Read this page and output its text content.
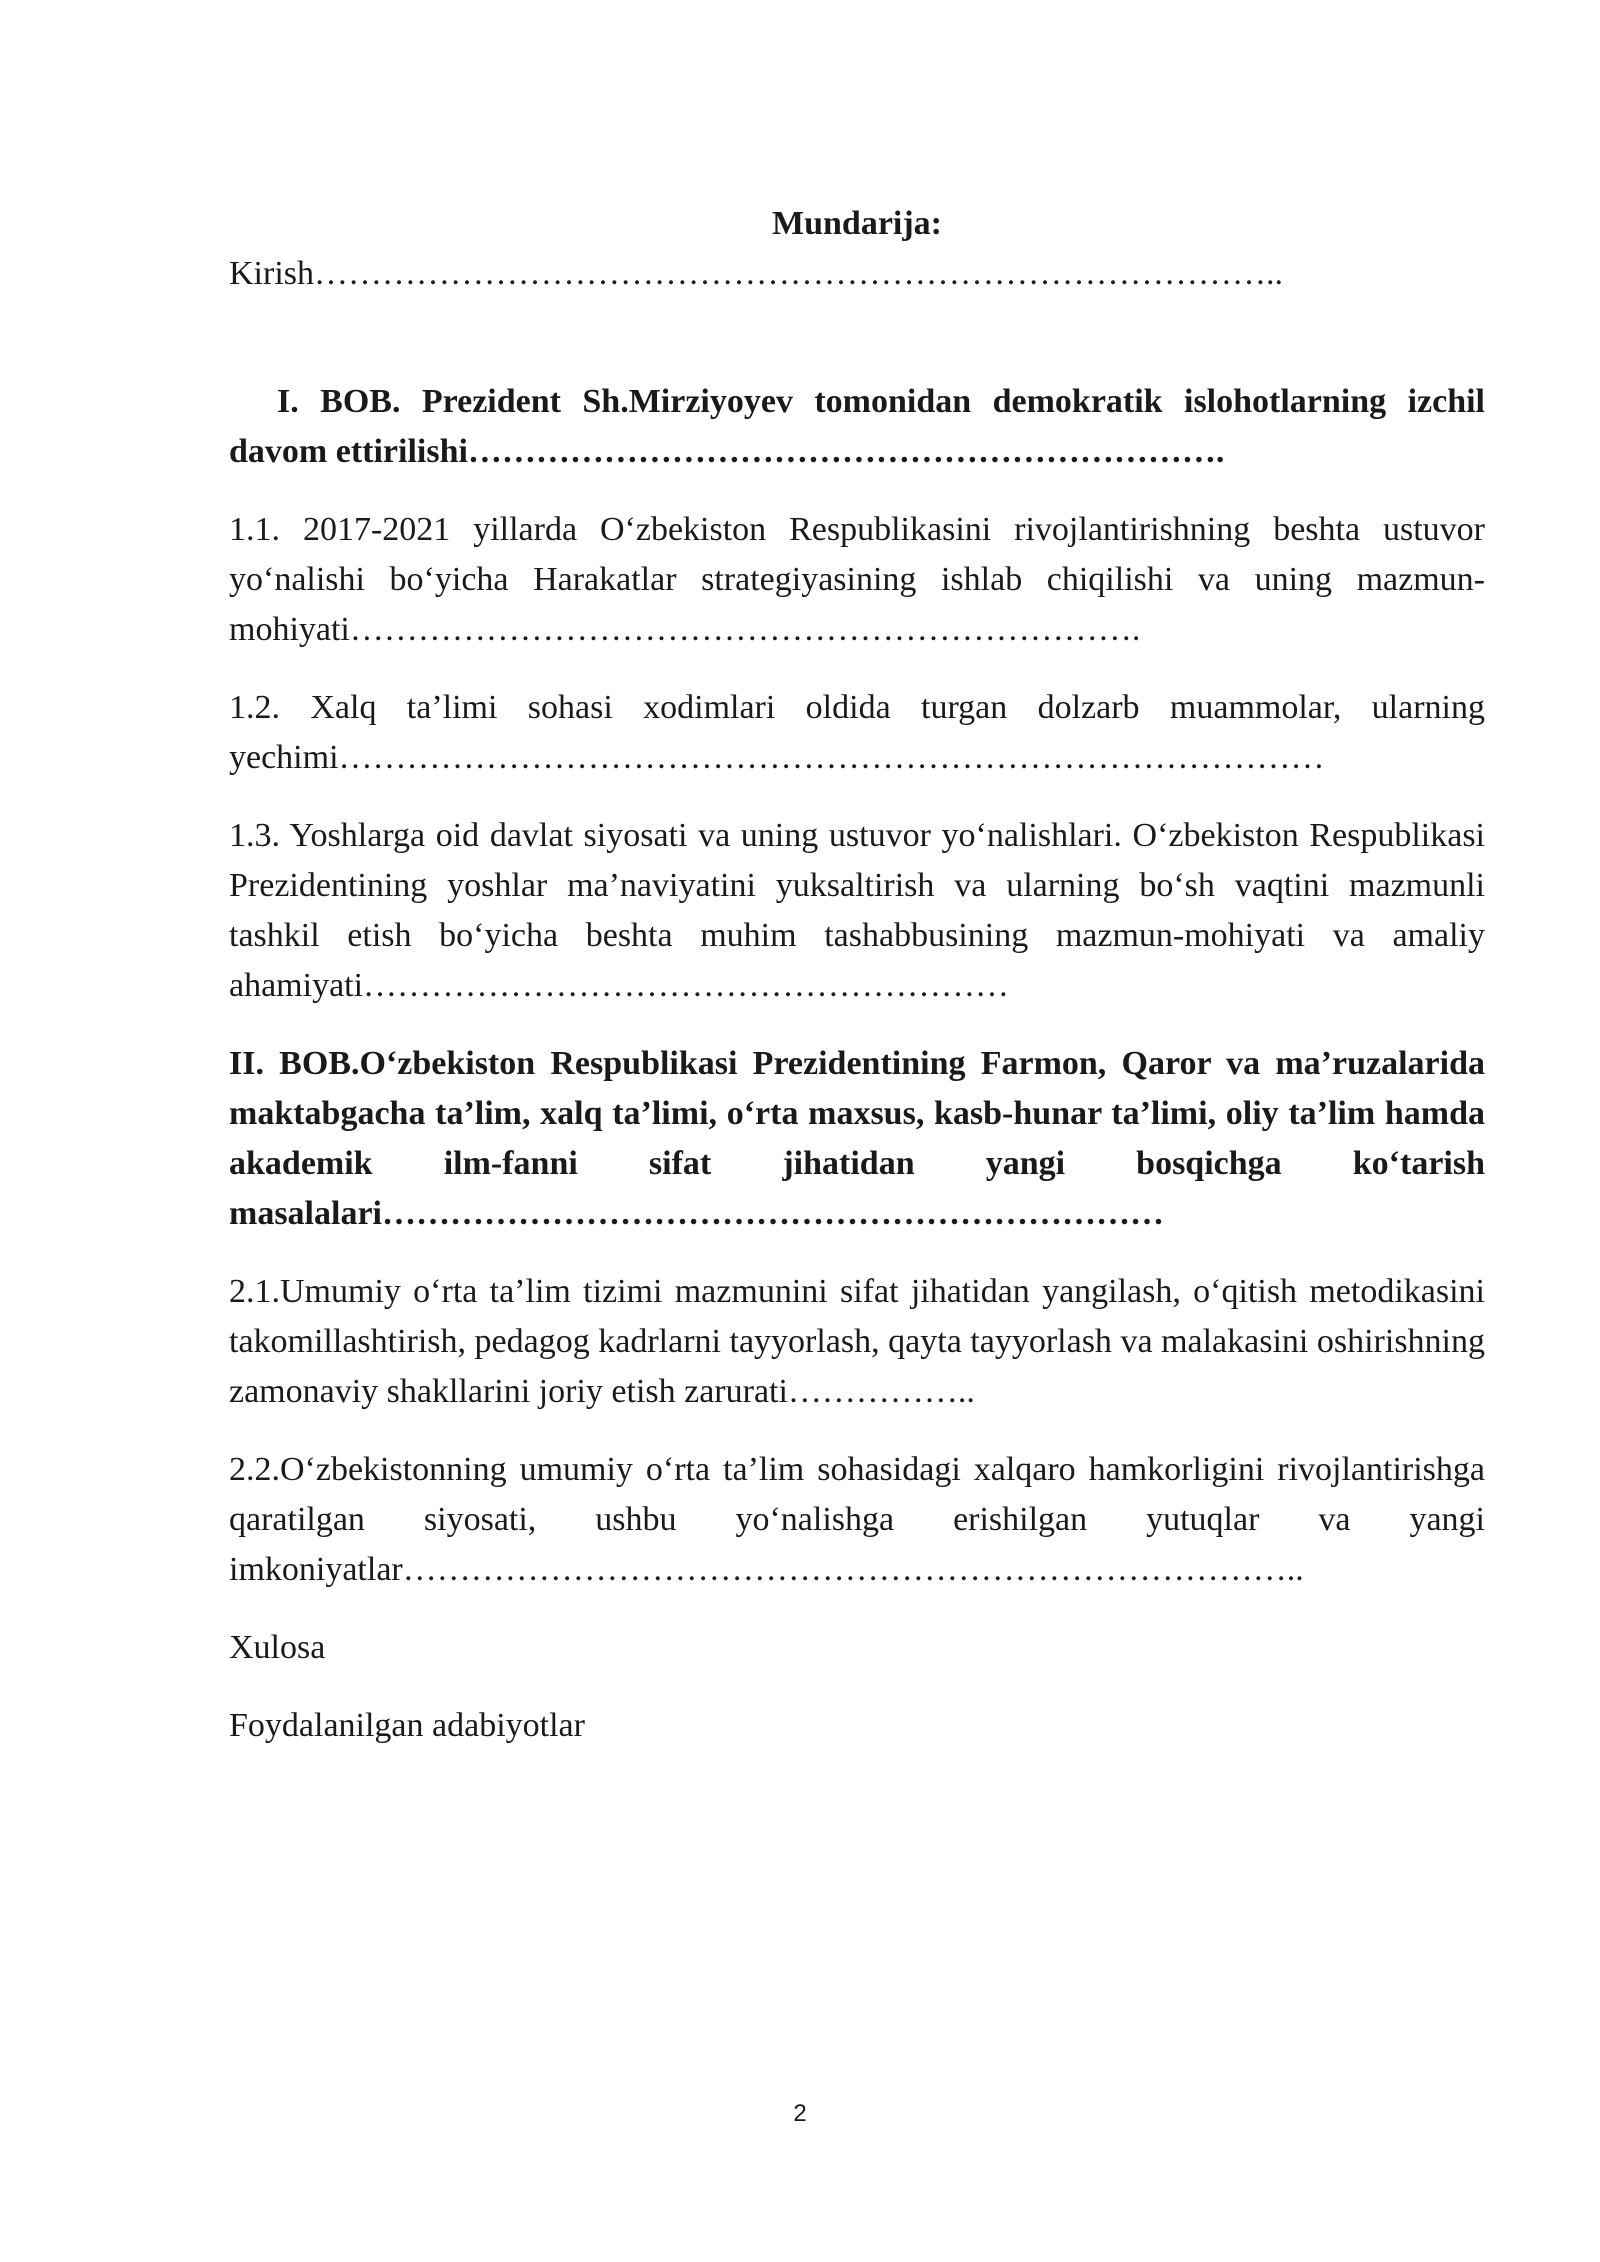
Mundarija:

Kirish…………………………………………………………………………..

I. BOB. Prezident Sh.Mirziyoyev tomonidan demokratik islohotlarning izchil davom ettirilishi………………………………………………………….

1.1. 2017-2021 yillarda O‘zbekiston Respublikasini rivojlantirishning beshta ustuvor yo‘nalishi bo‘yicha Harakatlar strategiyasining ishlab chiqilishi va uning mazmun-mohiyati…………………………………………………………….

1.2. Xalq ta’limi sohasi xodimlari oldida turgan dolzarb muammolar, ularning yechimi……………………………………………………………………………

1.3. Yoshlarga oid davlat siyosati va uning ustuvor yo‘nalishlari. O‘zbekiston Respublikasi Prezidentining yoshlar ma’naviyatini yuksaltirish va ularning bo‘sh vaqtini mazmunli tashkil etish bo‘yicha beshta muhim tashabbusining mazmun-mohiyati va amaliy ahamiyati…………………………………………………

II. BOB.O‘zbekiston Respublikasi Prezidentining Farmon, Qaror va ma’ruzalarida maktabgacha ta’lim, xalq ta’limi, o‘rta maxsus, kasb-hunar ta’limi, oliy ta’lim hamda akademik ilm-fanni sifat jihatidan yangi bosqichga ko‘tarish masalalari……………………………………………………………

2.1.Umumiy o‘rta ta’lim tizimi mazmunini sifat jihatidan yangilash, o‘qitish metodikasini takomillashtirish, pedagog kadrlarni tayyorlash, qayta tayyorlash va malakasini oshirishning zamonaviy shakllarini joriy etish zarurati……………..

2.2.O‘zbekistonning umumiy o‘rta ta’lim sohasidagi xalqaro hamkorligini rivojlantirishga qaratilgan siyosati, ushbu yo‘nalishga erishilgan yutuqlar va yangi imkoniyatlar……………………………………………………………………..

Xulosa

Foydalanilgan adabiyotlar

2
